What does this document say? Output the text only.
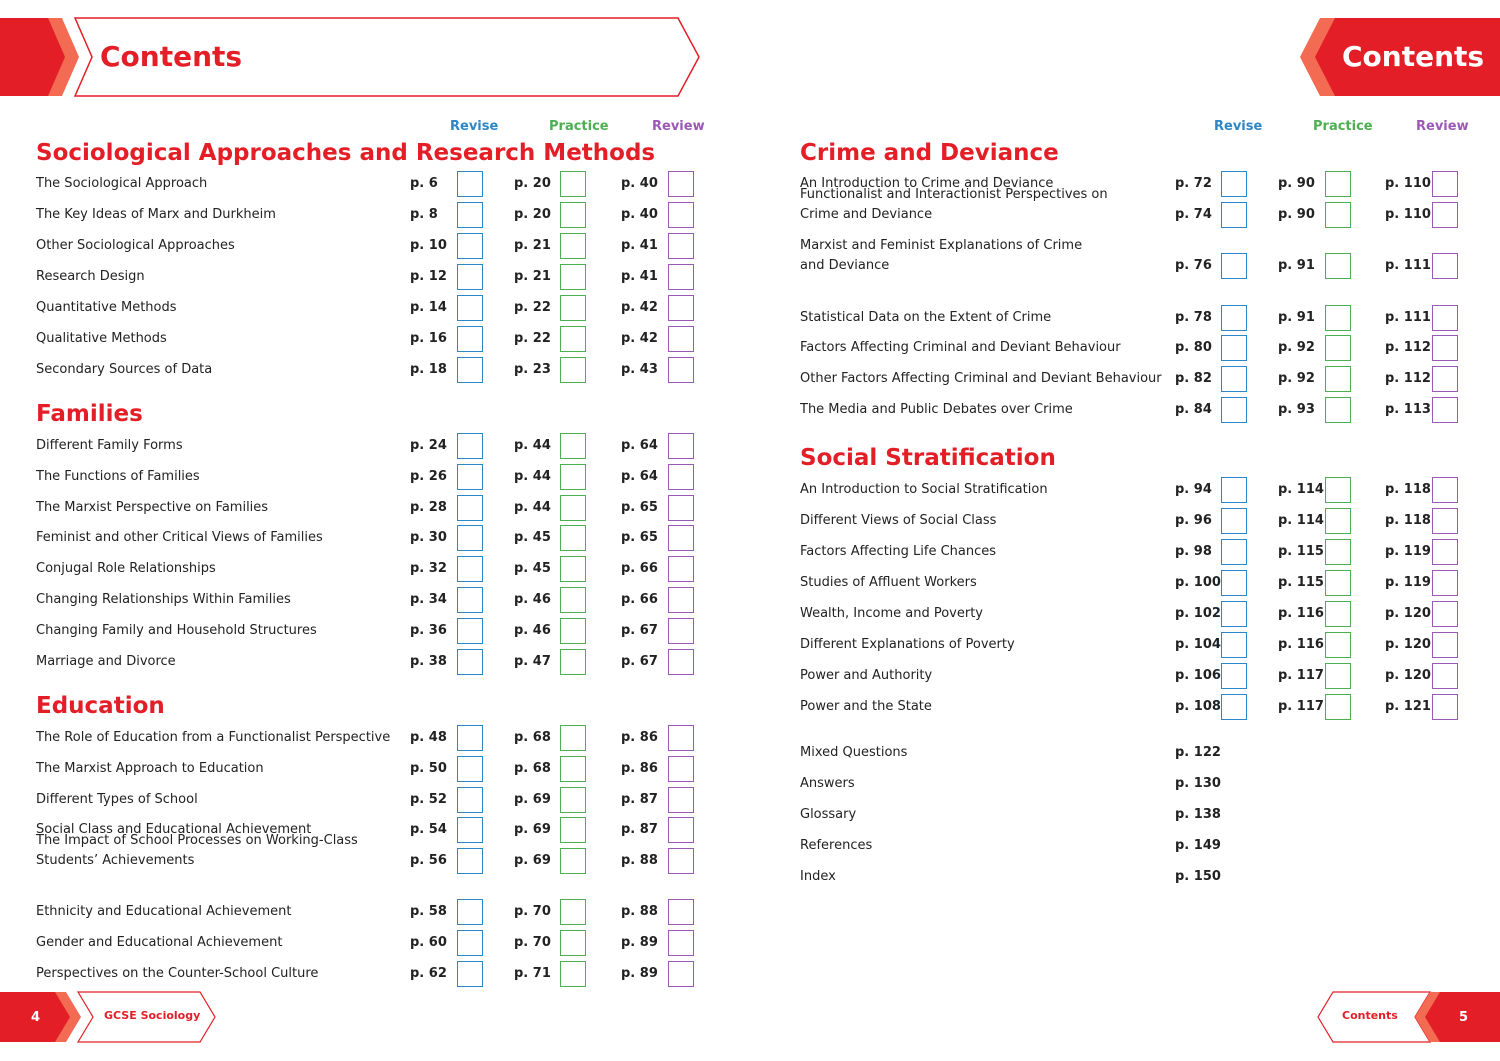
Contents	Contents
Revise	Practice	Review	Revise	Practice	Review
Sociological Approaches and Research Methods
The Sociological Approach	p. 6	p. 20	p. 40
The Key Ideas of Marx and Durkheim	p. 8	p. 20	p. 40
Other Sociological Approaches	p. 10	p. 21	p. 41
Research Design	p. 12	p. 21	p. 41
Quantitative Methods	p. 14	p. 22	p. 42
Qualitative Methods	p. 16	p. 22	p. 42
Secondary Sources of Data	p. 18	p. 23	p. 43
Families
Different Family Forms	p. 24	p. 44	p. 64
The Functions of Families	p. 26	p. 44	p. 64
The Marxist Perspective on Families	p. 28	p. 44	p. 65
Feminist and other Critical Views of Families	p. 30	p. 45	p. 65
Conjugal Role Relationships	p. 32	p. 45	p. 66
Changing Relationships Within Families	p. 34	p. 46	p. 66
Changing Family and Household Structures	p. 36	p. 46	p. 67
Marriage and Divorce	p. 38	p. 47	p. 67
Education
The Role of Education from a Functionalist Perspective p. 48	p. 68	p. 86
The Marxist Approach to Education	p. 50	p. 68	p. 86
Different Types of School	p. 52	p. 69	p. 87
Social Class and Educational Achievement	p. 54	p. 69	p. 87
The Impact of School Processes on Working-Class
Students’ Achievements	p. 56	p. 69	p. 88
Ethnicity and Educational Achievement	p. 58	p. 70	p. 88
Gender and Educational Achievement	p. 60	p. 70	p. 89
Perspectives on the Counter-School Culture	p. 62	p. 71	p. 89
Crime and Deviance
An Introduction to Crime and Deviance	p. 72	p. 90	p. 110
Functionalist and Interactionist Perspectives on
Crime and Deviance	p. 74	p. 90	p. 110
Marxist and Feminist Explanations of Crime
and Deviance	p. 76	p. 91	p. 111
Statistical Data on the Extent of Crime	p. 78	p. 91	p. 111
Factors Affecting Criminal and Deviant Behaviour	p. 80	p. 92	p. 112
Other Factors Affecting Criminal and Deviant Behaviour p. 82	p. 92	p. 112
The Media and Public Debates over Crime	p. 84	p. 93	p. 113
Social Stratification
An Introduction to Social Stratification	p. 94	p. 114	p. 118
Different Views of Social Class	p. 96	p. 114	p. 118
Factors Affecting Life Chances	p. 98	p. 115	p. 119
Studies of Affluent Workers	p. 100	p. 115	p. 119
Wealth, Income and Poverty	p. 102	p. 116	p. 120
Different Explanations of Poverty	p. 104	p. 116	p. 120
Power and Authority	p. 106	p. 117	p. 120
Power and the State	p. 108	p. 117	p. 121
Mixed Questions	p. 122
Answers	p. 130
Glossary	p. 138
References	p. 149
Index	p. 150
4	GCSE Sociology	Contents	5
